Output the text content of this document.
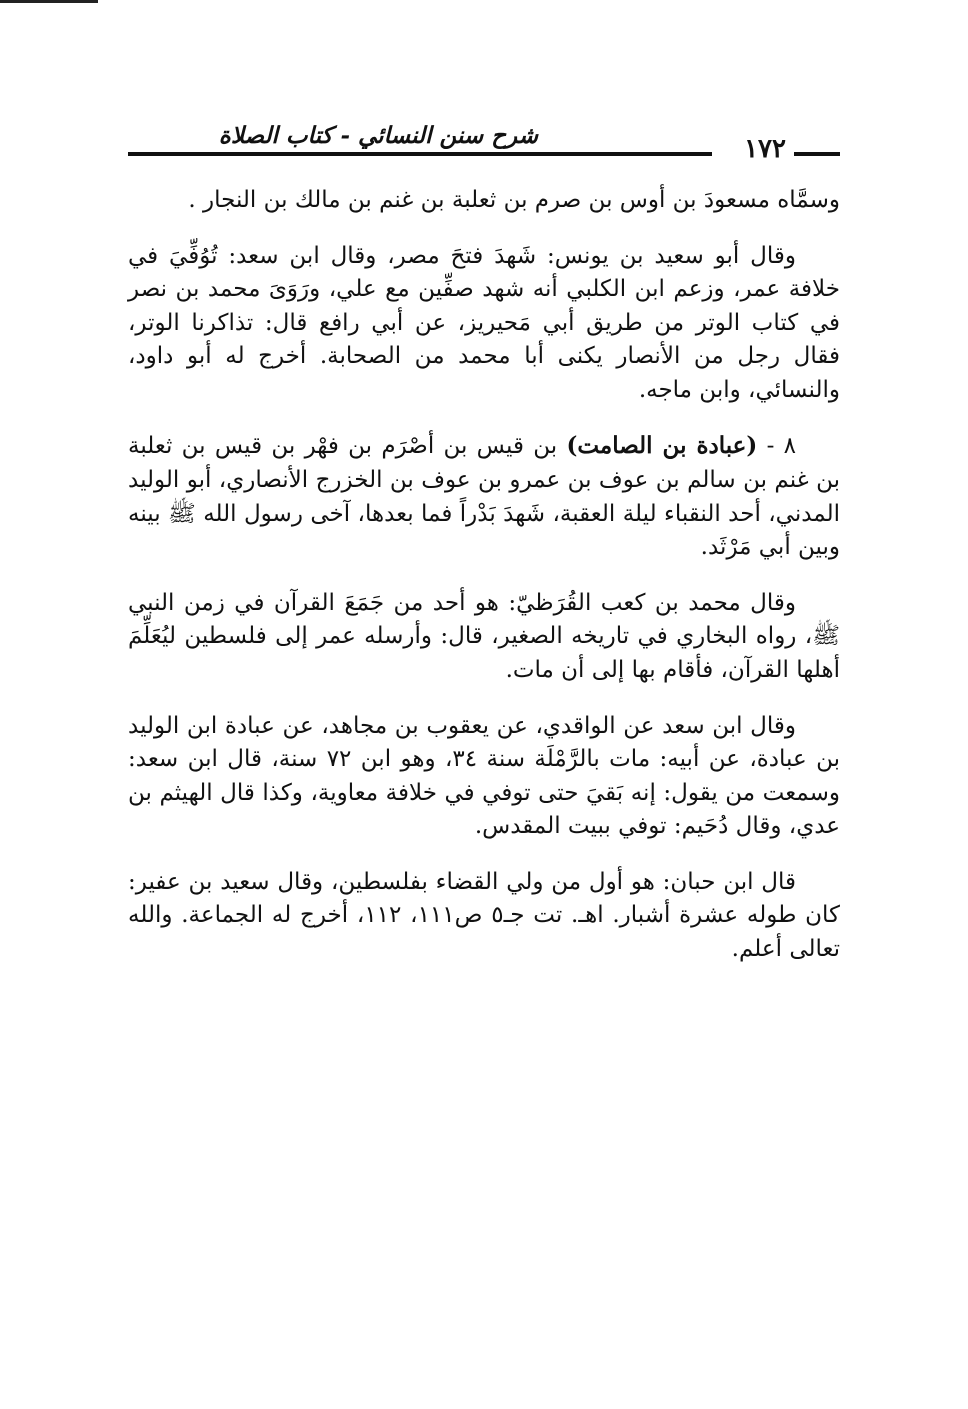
شرح سنن النسائي - كتاب الصلاة	١٧٢

وسمَّاه مسعودَ بن أوس بن صرم بن ثعلبة بن غنم بن مالك بن النجار .

وقال أبو سعيد بن يونس: شَهدَ فتحَ مصر، وقال ابن سعد: تُوُفِّيَ في خلافة عمر، وزعم ابن الكلبي أنه شهد صفِّين مع علي، ورَوَىَ محمد بن نصر في كتاب الوتر من طريق أبي مَحيريز، عن أبي رافع قال: تذاكرنا الوتر، فقال رجل من الأنصار يكنى أبا محمد من الصحابة. أخرج له أبو داود، والنسائي، وابن ماجه.

٨ - (عبادة بن الصامت) بن قيس بن أصْرَم بن فهْر بن قيس بن ثعلبة بن غنم بن سالم بن عوف بن عمرو بن عوف بن الخزرج الأنصاري، أبو الوليد المدني، أحد النقباء ليلة العقبة، شَهدَ بَدْراً فما بعدها، آخى رسول الله ﷺ بينه وبين أبي مَرْثَد.

وقال محمد بن كعب القُرَظيّ: هو أحد من جَمَعَ القرآن في زمن النبي ﷺ، رواه البخاري في تاريخه الصغير، قال: وأرسله عمر إلى فلسطين ليُعَلِّمَ أهلها القرآن، فأقام بها إلى أن مات.

وقال ابن سعد عن الواقدي، عن يعقوب بن مجاهد، عن عبادة ابن الوليد بن عبادة، عن أبيه: مات بالرَّمْلَة سنة ٣٤، وهو ابن ٧٢ سنة، قال ابن سعد: وسمعت من يقول: إنه بَقيَ حتى توفي في خلافة معاوية، وكذا قال الهيثم بن عدي، وقال دُحَيم: توفي ببيت المقدس.

قال ابن حبان: هو أول من ولي القضاء بفلسطين، وقال سعيد بن عفير: كان طوله عشرة أشبار. اهـ. تت جـ٥ ص١١١، ١١٢، أخرج له الجماعة. والله تعالى أعلم.
